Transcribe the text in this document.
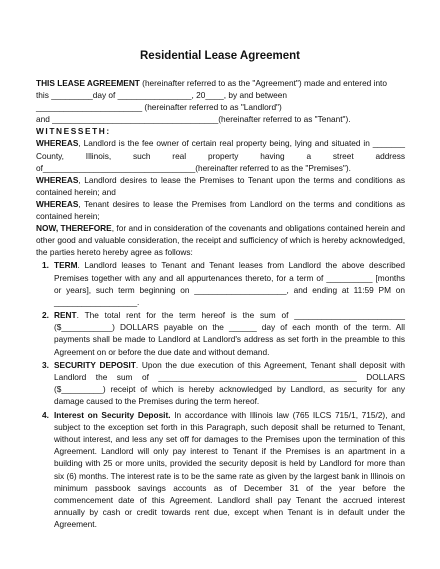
Residential Lease Agreement

THIS LEASE AGREEMENT (hereinafter referred to as the "Agreement") made and entered into

this _________day of ________________, 20____, by and between

_______________________ (hereinafter referred to as "Landlord")

and ____________________________________(hereinafter referred to as "Tenant").

WITNESSETH:

WHEREAS, Landlord is the fee owner of certain real property being, lying and situated in _______ County, Illinois, such real property having a street address of_________________________________(hereinafter referred to as the "Premises").

WHEREAS, Landlord desires to lease the Premises to Tenant upon the terms and conditions as contained herein; and

WHEREAS, Tenant desires to lease the Premises from Landlord on the terms and conditions as contained herein;

NOW, THEREFORE, for and in consideration of the covenants and obligations contained herein and other good and valuable consideration, the receipt and sufficiency of which is hereby acknowledged, the parties hereto hereby agree as follows:

1. TERM. Landlord leases to Tenant and Tenant leases from Landlord the above described Premises together with any and all appurtenances thereto, for a term of __________ [months or years], such term beginning on ____________________, and ending at 11:59 PM on __________________.
2. RENT. The total rent for the term hereof is the sum of ________________________ ($___________) DOLLARS payable on the ______ day of each month of the term. All payments shall be made to Landlord at Landlord's address as set forth in the preamble to this Agreement on or before the due date and without demand.
3. SECURITY DEPOSIT. Upon the due execution of this Agreement, Tenant shall deposit with Landlord the sum of ___________________________________________ DOLLARS ($_________) receipt of which is hereby acknowledged by Landlord, as security for any damage caused to the Premises during the term hereof.
4. Interest on Security Deposit. In accordance with Illinois law (765 ILCS 715/1, 715/2), and subject to the exception set forth in this Paragraph, such deposit shall be returned to Tenant, without interest, and less any set off for damages to the Premises upon the termination of this Agreement. Landlord will only pay interest to Tenant if the Premises is an apartment in a building with 25 or more units, provided the security deposit is held by Landlord for more than six (6) months. The interest rate is to be the same rate as given by the largest bank in Illinois on minimum passbook savings accounts as of December 31 of the year before the commencement date of this Agreement. Landlord shall pay Tenant the accrued interest annually by cash or credit towards rent due, except when Tenant is in default under the Agreement.
